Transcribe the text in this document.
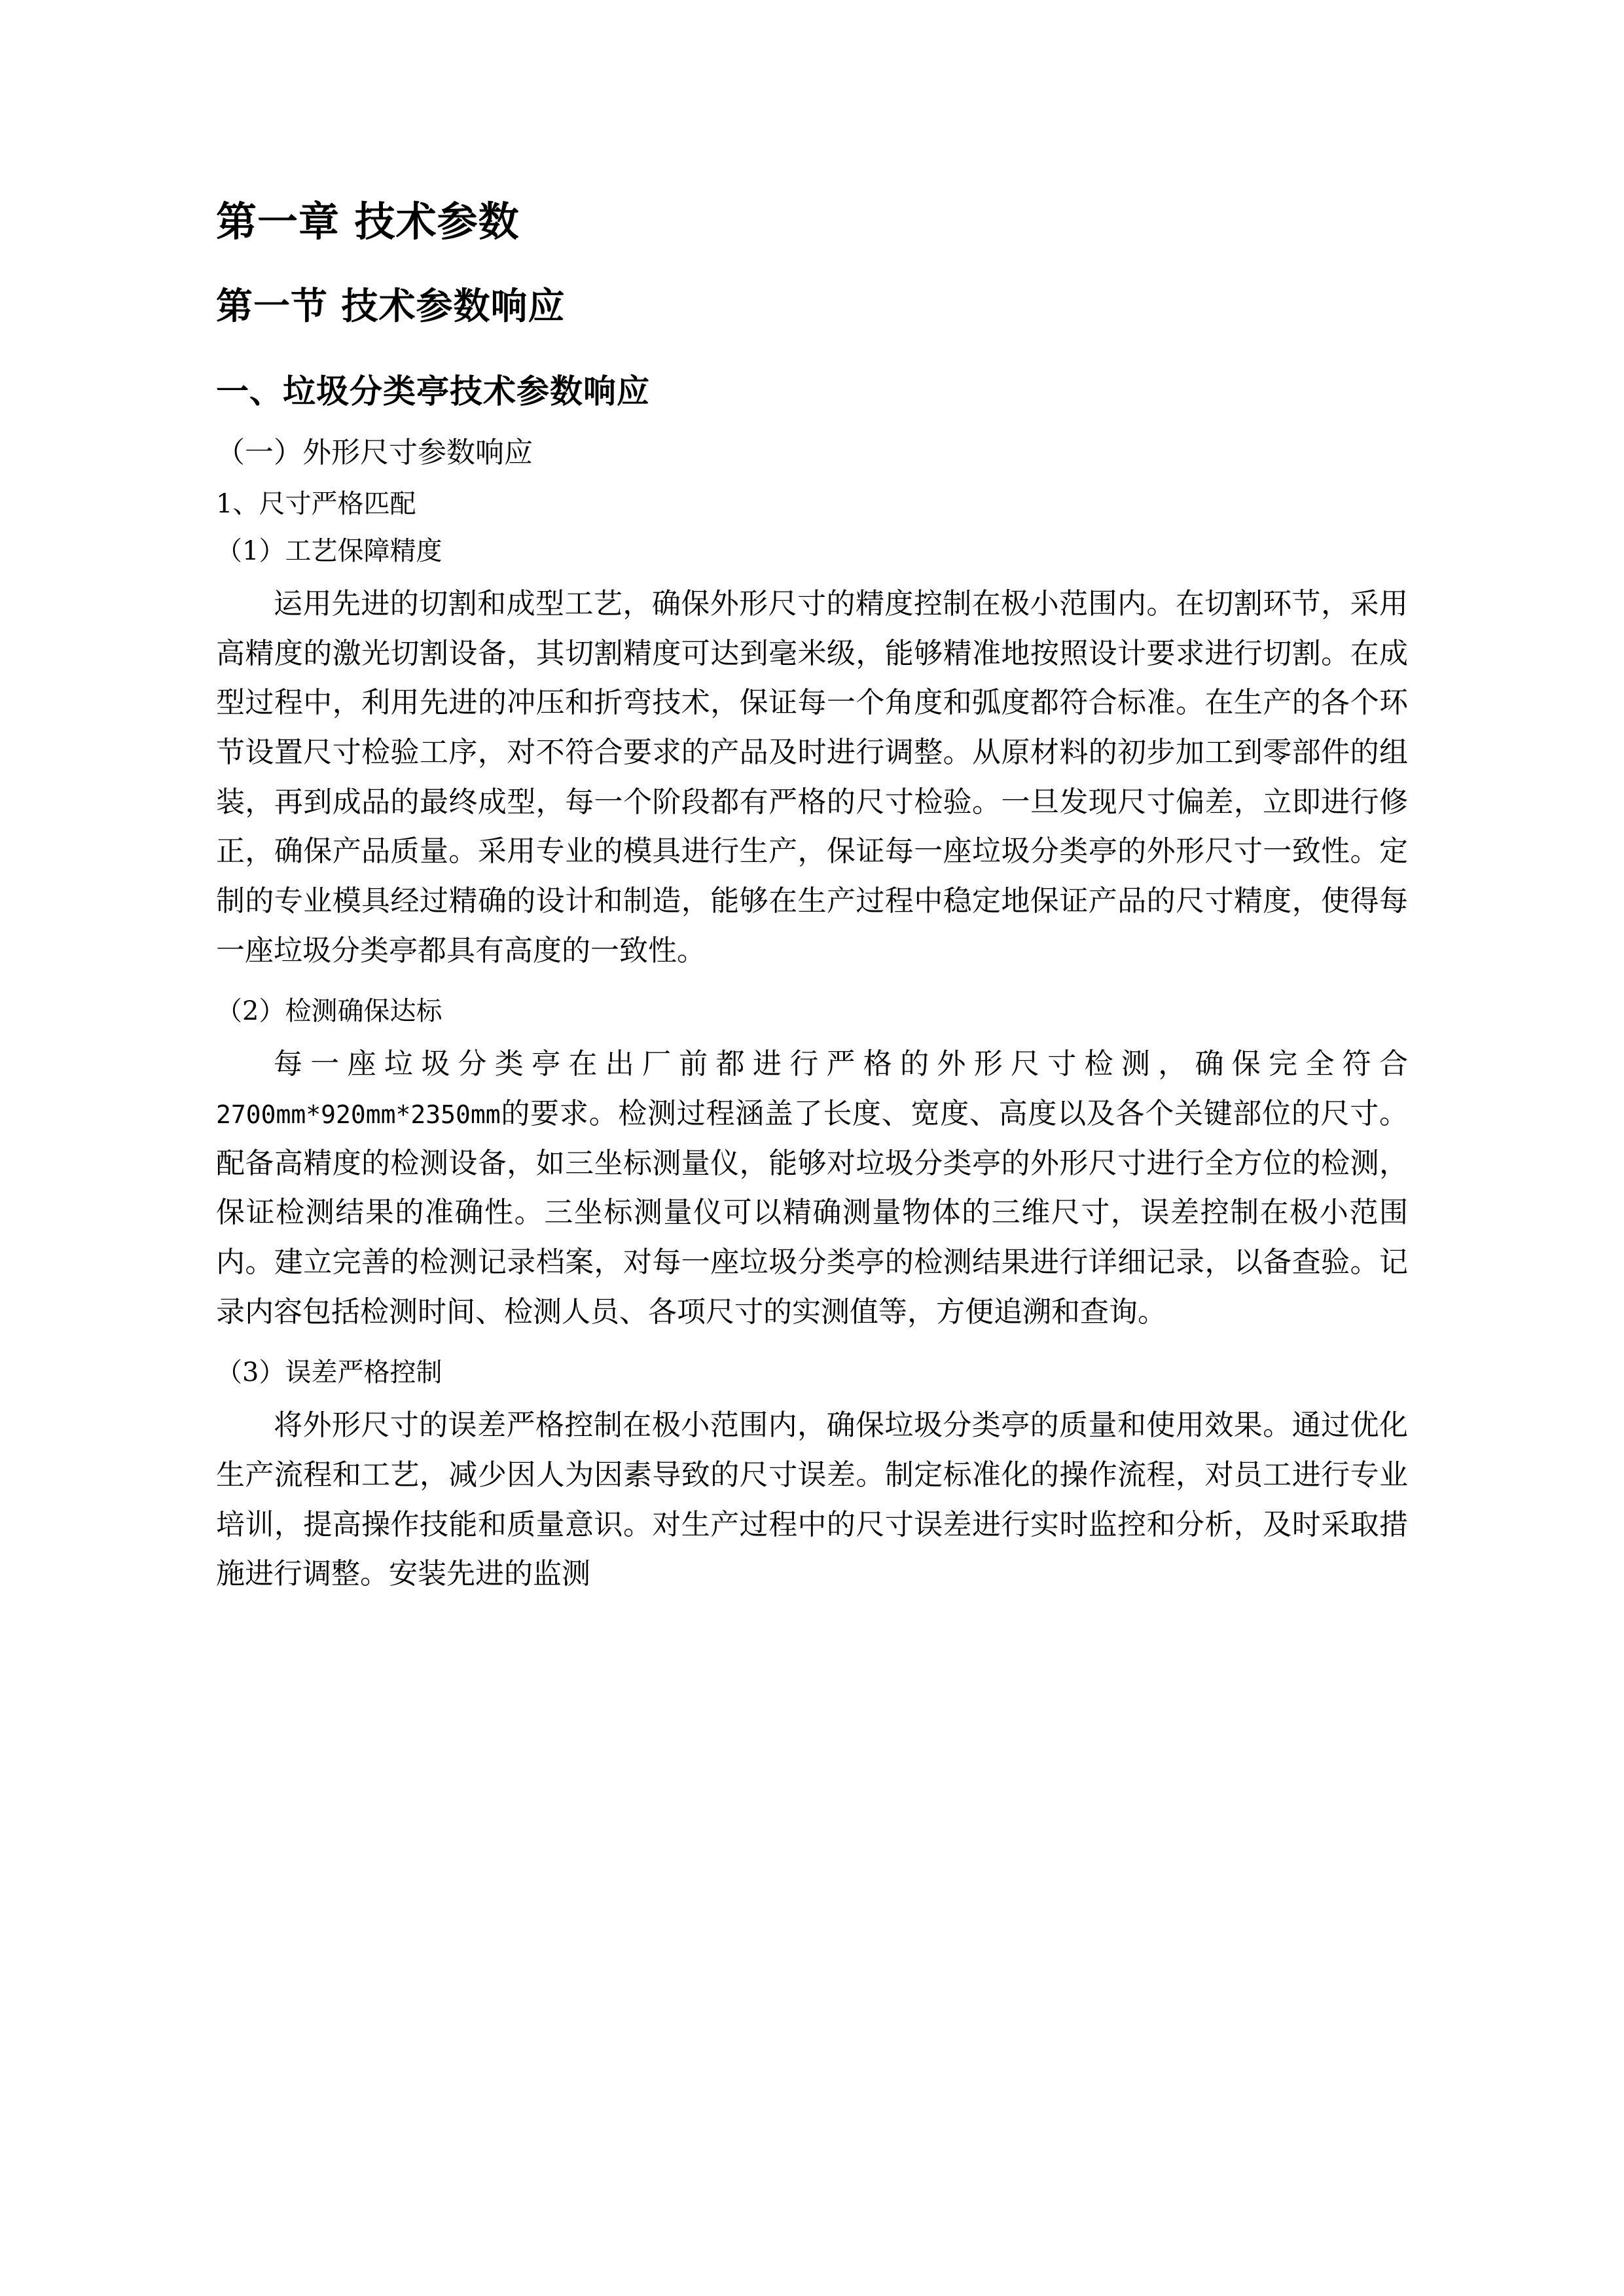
第一章 技术参数
第一节 技术参数响应
一、垃圾分类亭技术参数响应
（一）外形尺寸参数响应
1、尺寸严格匹配
（1）工艺保障精度

运用先进的切割和成型工艺，确保外形尺寸的精度控制在极小范围内。在切割环节，采用高精度的激光切割设备，其切割精度可达到毫米级，能够精准地按照设计要求进行切割。在成型过程中，利用先进的冲压和折弯技术，保证每一个角度和弧度都符合标准。在生产的各个环节设置尺寸检验工序，对不符合要求的产品及时进行调整。从原材料的初步加工到零部件的组装，再到成品的最终成型，每一个阶段都有严格的尺寸检验。一旦发现尺寸偏差，立即进行修正，确保产品质量。采用专业的模具进行生产，保证每一座垃圾分类亭的外形尺寸一致性。定制的专业模具经过精确的设计和制造，能够在生产过程中稳定地保证产品的尺寸精度，使得每一座垃圾分类亭都具有高度的一致性。

（2）检测确保达标

每一座垃圾分类亭在出厂前都进行严格的外形尺寸检测，确保完全符合2700mm*920mm*2350mm的要求。检测过程涵盖了长度、宽度、高度以及各个关键部位的尺寸。配备高精度的检测设备，如三坐标测量仪，能够对垃圾分类亭的外形尺寸进行全方位的检测，保证检测结果的准确性。三坐标测量仪可以精确测量物体的三维尺寸，误差控制在极小范围内。建立完善的检测记录档案，对每一座垃圾分类亭的检测结果进行详细记录，以备查验。记录内容包括检测时间、检测人员、各项尺寸的实测值等，方便追溯和查询。

（3）误差严格控制

将外形尺寸的误差严格控制在极小范围内，确保垃圾分类亭的质量和使用效果。通过优化生产流程和工艺，减少因人为因素导致的尺寸误差。制定标准化的操作流程，对员工进行专业培训，提高操作技能和质量意识。对生产过程中的尺寸误差进行实时监控和分析，及时采取措施进行调整。安装先进的监测
